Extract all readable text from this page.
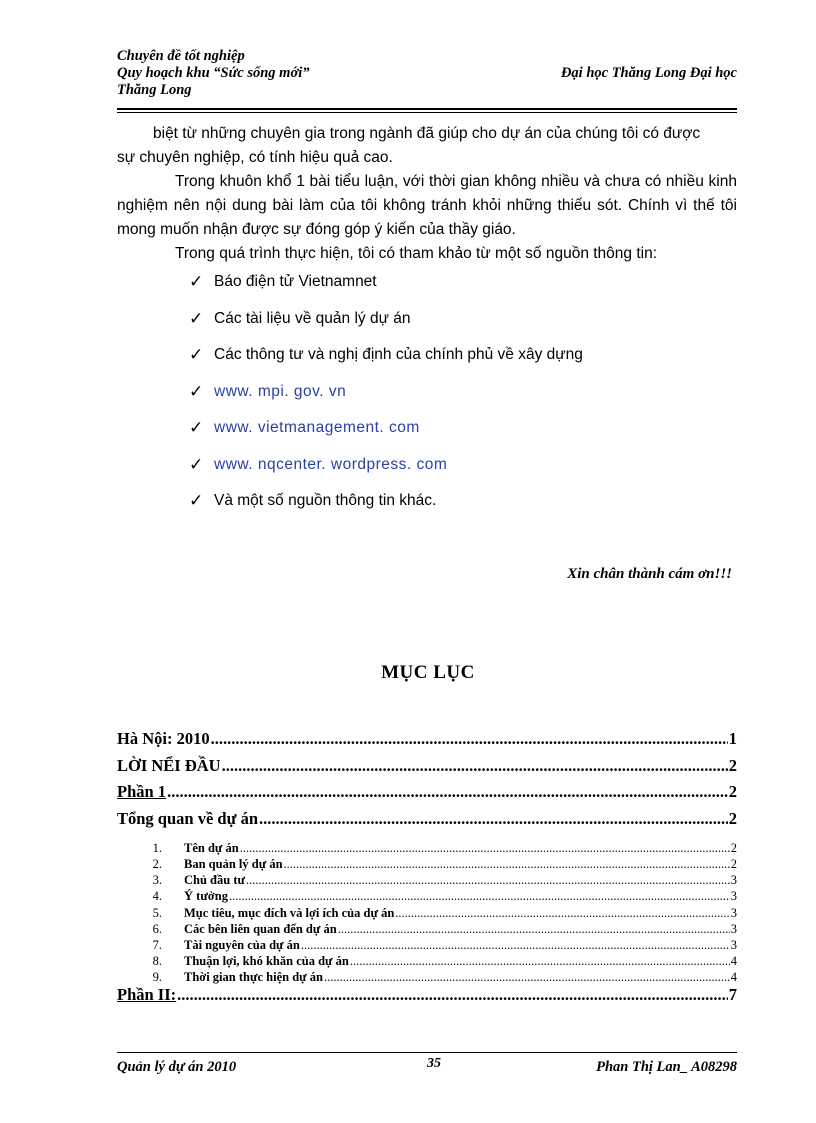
Chuyên đề tốt nghiệp
Quy hoạch khu “Sức sống mới”
Thăng Long
Đại học Thăng Long Đại học

biệt từ những chuyên gia trong ngành đã giúp cho dự án của chúng tôi có được
sự chuyên nghiệp, có tính hiệu quả cao.

Trong khuôn khổ 1 bài tiểu luận, với thời gian không nhiều và chưa có nhiều kinh nghiệm nên nội dung bài làm của tôi không tránh khỏi những thiếu sót. Chính vì thế tôi mong muốn nhận được sự đóng góp ý kiến của thầy giáo.

Trong quá trình thực hiện, tôi có tham khảo từ một số nguồn thông tin:

✓ Báo điện tử Vietnamnet
✓ Các tài liệu về quản lý dự án
✓ Các thông tư và nghị định của chính phủ về xây dựng
✓ www. mpi. gov. vn
✓ www. vietmanagement. com
✓ www. nqcenter. wordpress. com
✓ Và một số nguồn thông tin khác.
Xin chân thành cám ơn!!!
MỤC LỤC
Hà Nội: 2010 .....	1
LỜI NỂI ĐẦU .....	2
Phần 1 .....	2
Tổng quan về dự án .....	2
1. Tên dự án .....	2
2. Ban quản lý dự án .....	2
3. Chủ đầu tư .....	3
4. Ý tưởng .....	3
5. Mục tiêu, mục đích và lợi ích của dự án .....	3
6. Các bên liên quan đến dự án .....	3
7. Tài nguyên của dự án .....	3
8. Thuận lợi, khó khăn của dự án .....	4
9. Thời gian thực hiện dự án .....	4
Phần II: .....	7
Quản lý dự án 2010	35	Phan Thị Lan_ A08298
